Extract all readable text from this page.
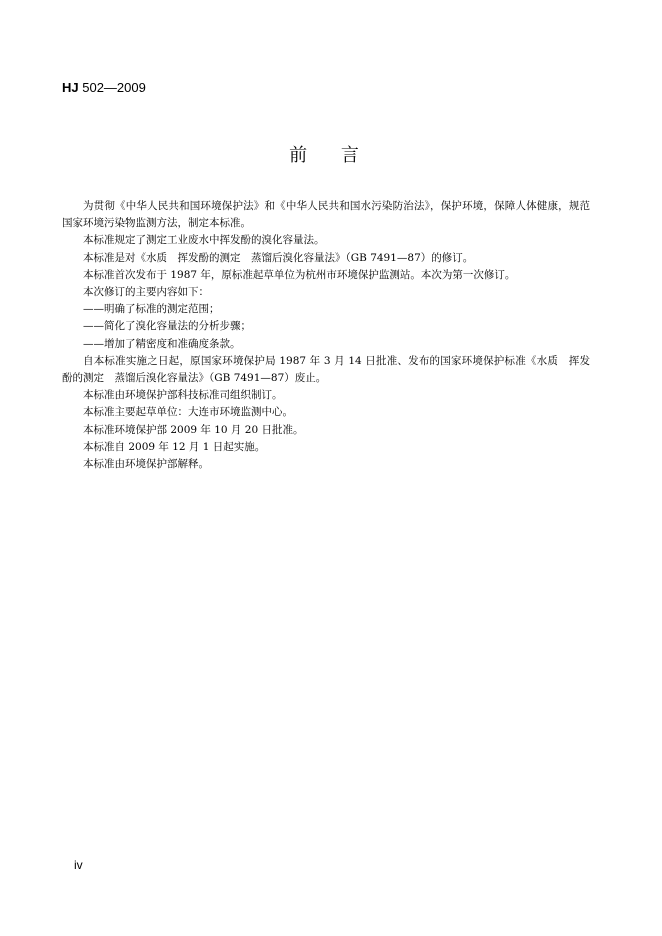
HJ 502—2009
前 言

为贯彻《中华人民共和国环境保护法》和《中华人民共和国水污染防治法》，保护环境，保障人体健康，规范国家环境污染物监测方法，制定本标准。

本标准规定了测定工业废水中挥发酚的溴化容量法。

本标准是对《水质　挥发酚的测定　蒸馏后溴化容量法》（GB 7491—87）的修订。

本标准首次发布于 1987 年，原标准起草单位为杭州市环境保护监测站。本次为第一次修订。

本次修订的主要内容如下：

——明确了标准的测定范围；

——简化了溴化容量法的分析步骤；

——增加了精密度和准确度条款。

自本标准实施之日起，原国家环境保护局 1987 年 3 月 14 日批准、发布的国家环境保护标准《水质　挥发酚的测定　蒸馏后溴化容量法》（GB 7491—87）废止。

本标准由环境保护部科技标准司组织制订。

本标准主要起草单位：大连市环境监测中心。

本标准环境保护部 2009 年 10 月 20 日批准。

本标准自 2009 年 12 月 1 日起实施。

本标准由环境保护部解释。

iv
